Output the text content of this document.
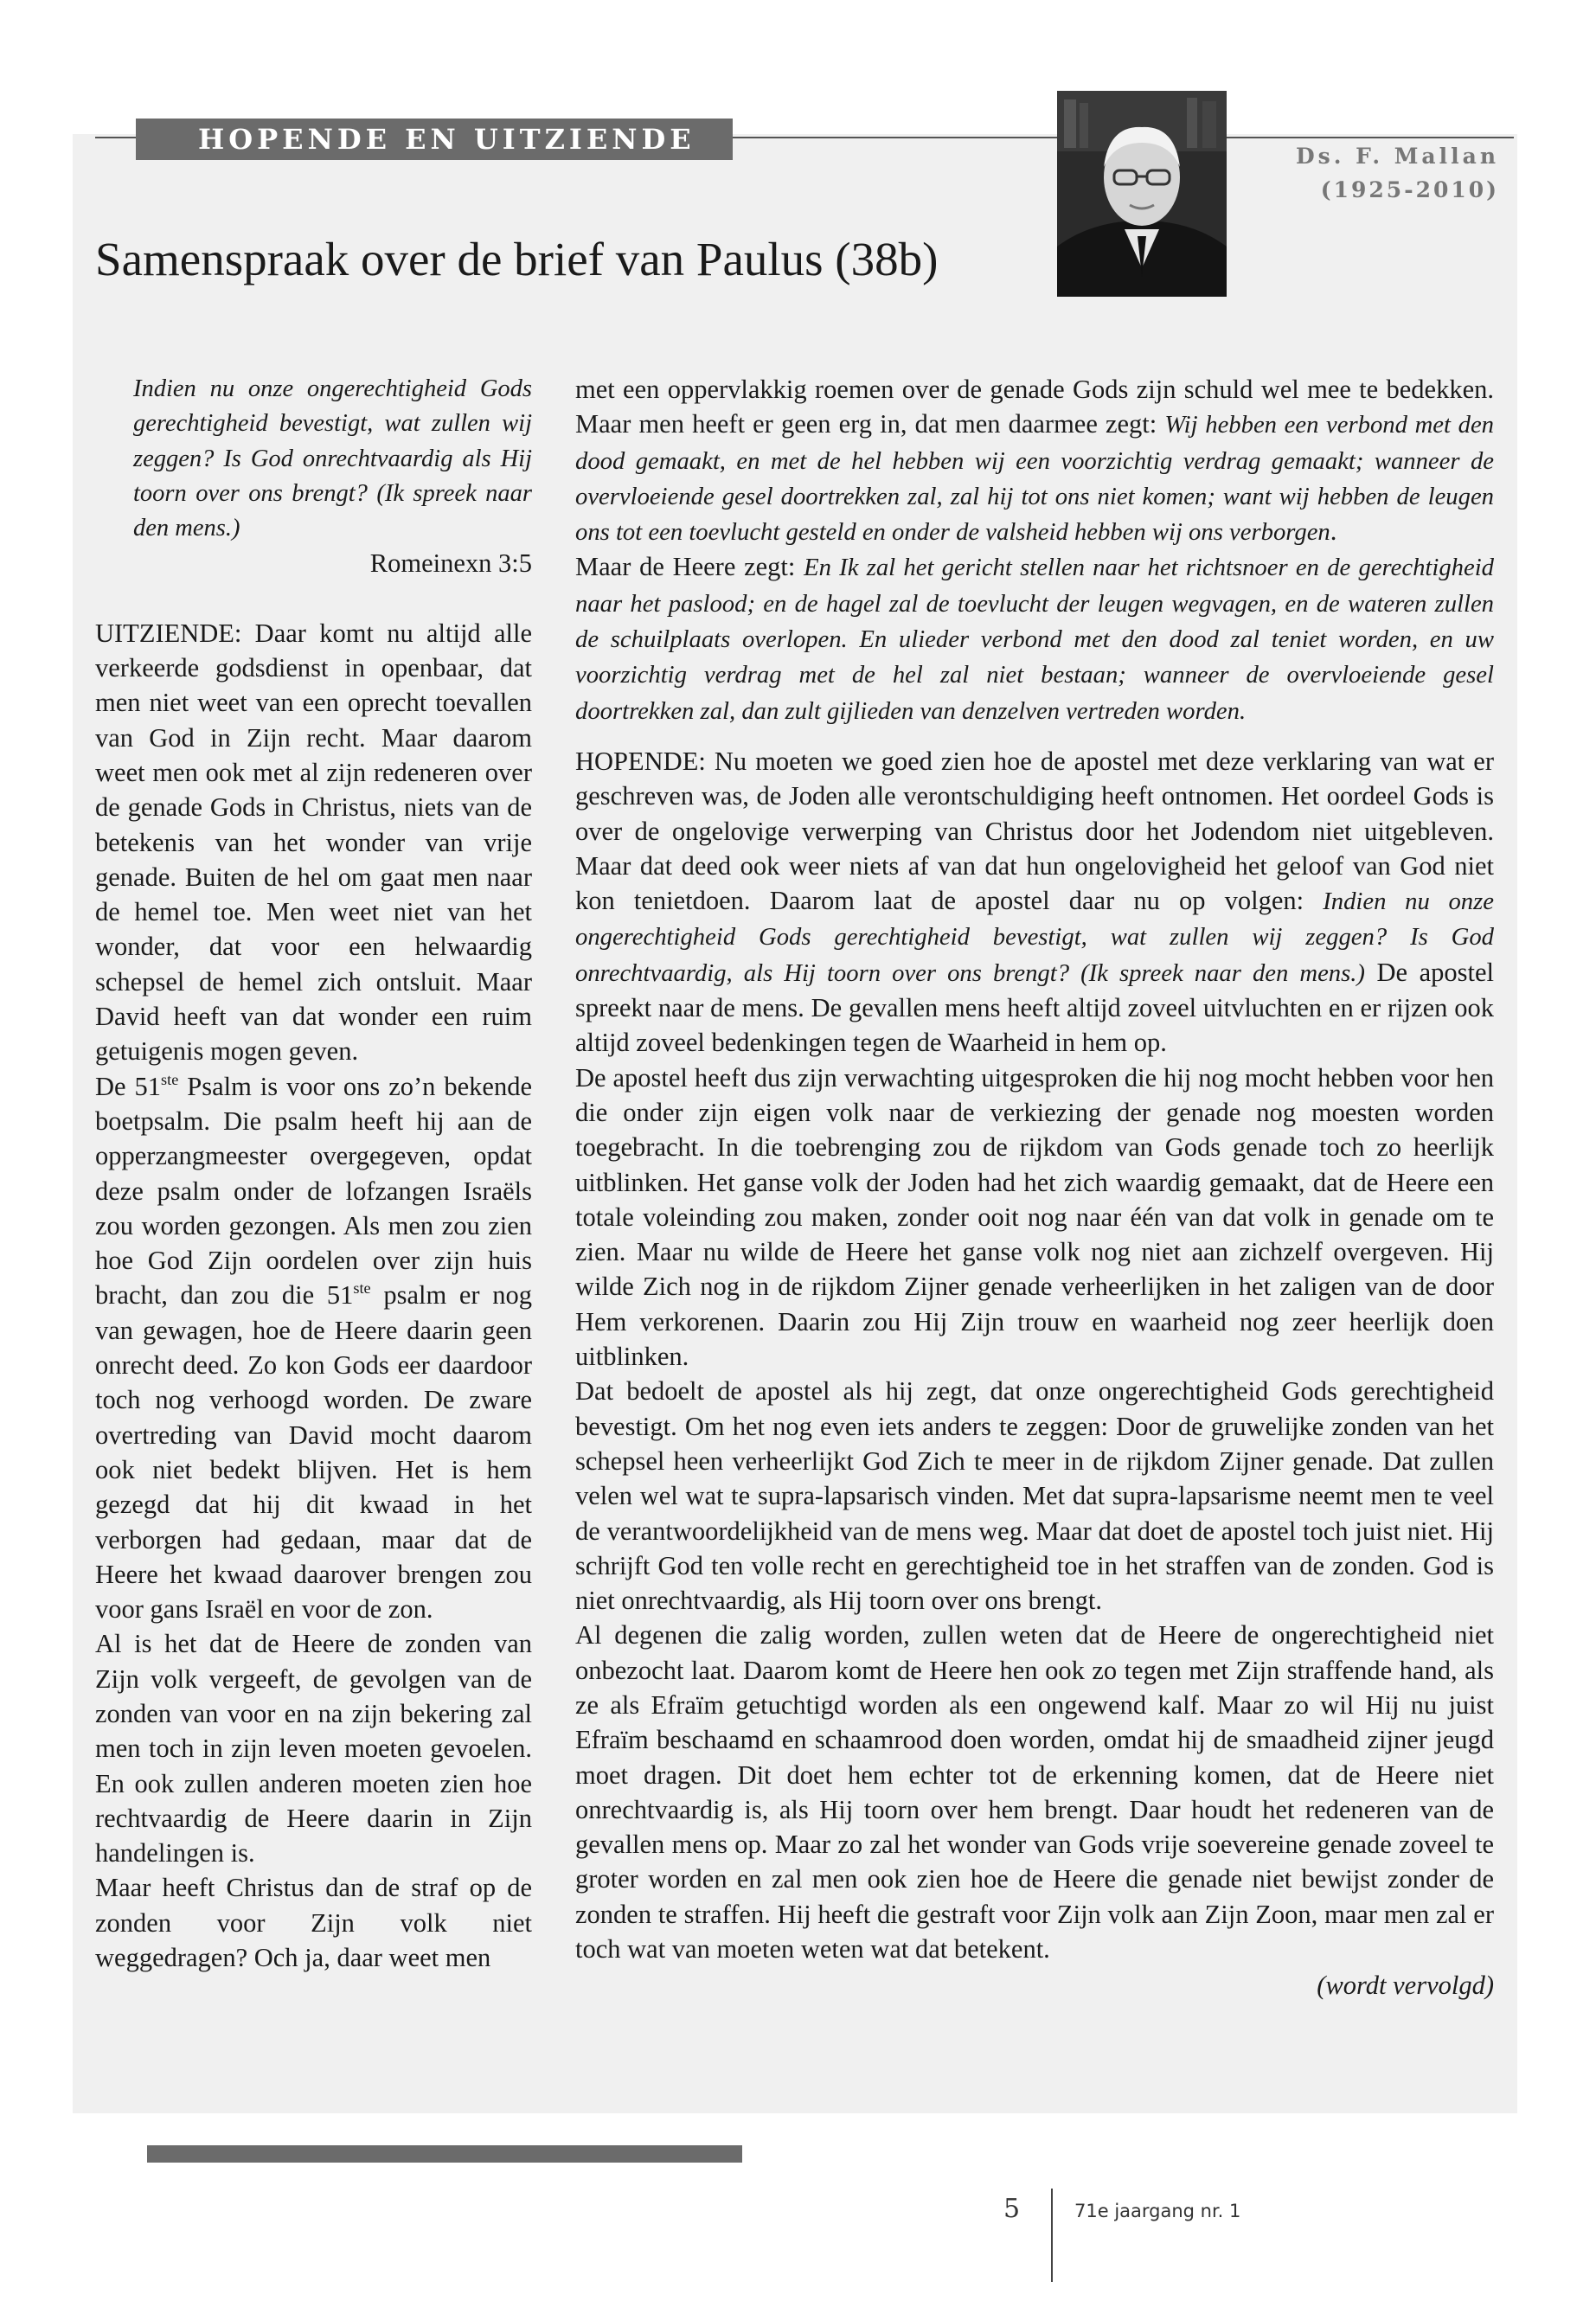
HOPENDE EN UITZIENDE
Ds. F. Mallan
(1925-2010)
Samenspraak over de brief van Paulus (38b)

Indien nu onze ongerechtigheid Gods gerechtigheid bevestigt, wat zullen wij zeggen? Is God onrechtvaardig als Hij toorn over ons brengt? (Ik spreek naar den mens.)

Romeinexn 3:5

UITZIENDE: Daar komt nu altijd alle verkeerde godsdienst in openbaar, dat men niet weet van een oprecht toevallen van God in Zijn recht. Maar daarom weet men ook met al zijn redeneren over de genade Gods in Christus, niets van de betekenis van het wonder van vrije genade. Buiten de hel om gaat men naar de hemel toe. Men weet niet van het wonder, dat voor een helwaardig schepsel de hemel zich ontsluit. Maar David heeft van dat wonder een ruim getuigenis mogen geven.

De 51ste Psalm is voor ons zo’n bekende boetpsalm. Die psalm heeft hij aan de opperzangmeester overgegeven, opdat deze psalm onder de lofzangen Israëls zou worden gezongen. Als men zou zien hoe God Zijn oordelen over zijn huis bracht, dan zou die 51ste psalm er nog van gewagen, hoe de Heere daarin geen onrecht deed. Zo kon Gods eer daardoor toch nog verhoogd worden. De zware overtreding van David mocht daarom ook niet bedekt blijven. Het is hem gezegd dat hij dit kwaad in het verborgen had gedaan, maar dat de Heere het kwaad daarover brengen zou voor gans Israël en voor de zon.

Al is het dat de Heere de zonden van Zijn volk vergeeft, de gevolgen van de zonden van voor en na zijn bekering zal men toch in zijn leven moeten gevoelen. En ook zullen anderen moeten zien hoe rechtvaardig de Heere daarin in Zijn handelingen is.

Maar heeft Christus dan de straf op de zonden voor Zijn volk niet weggedragen? Och ja, daar weet men

met een oppervlakkig roemen over de genade Gods zijn schuld wel mee te bedekken. Maar men heeft er geen erg in, dat men daarmee zegt: Wij hebben een verbond met den dood gemaakt, en met de hel hebben wij een voorzichtig verdrag gemaakt; wanneer de overvloeiende gesel doortrekken zal, zal hij tot ons niet komen; want wij hebben de leugen ons tot een toevlucht gesteld en onder de valsheid hebben wij ons verborgen.

Maar de Heere zegt: En Ik zal het gericht stellen naar het richtsnoer en de gerechtigheid naar het paslood; en de hagel zal de toevlucht der leugen wegvagen, en de wateren zullen de schuilplaats overlopen. En ulieder verbond met den dood zal teniet worden, en uw voorzichtig verdrag met de hel zal niet bestaan; wanneer de overvloeiende gesel doortrekken zal, dan zult gijlieden van denzelven vertreden worden.

HOPENDE: Nu moeten we goed zien hoe de apostel met deze verklaring van wat er geschreven was, de Joden alle verontschuldiging heeft ontnomen. Het oordeel Gods is over de ongelovige verwerping van Christus door het Jodendom niet uitgebleven. Maar dat deed ook weer niets af van dat hun ongelovigheid het geloof van God niet kon tenietdoen. Daarom laat de apostel daar nu op volgen: Indien nu onze ongerechtigheid Gods gerechtigheid bevestigt, wat zullen wij zeggen? Is God onrechtvaardig, als Hij toorn over ons brengt? (Ik spreek naar den mens.) De apostel spreekt naar de mens. De gevallen mens heeft altijd zoveel uitvluchten en er rijzen ook altijd zoveel bedenkingen tegen de Waarheid in hem op.

De apostel heeft dus zijn verwachting uitgesproken die hij nog mocht hebben voor hen die onder zijn eigen volk naar de verkiezing der genade nog moesten worden toegebracht. In die toebrenging zou de rijkdom van Gods genade toch zo heerlijk uitblinken. Het ganse volk der Joden had het zich waardig gemaakt, dat de Heere een totale voleinding zou maken, zonder ooit nog naar één van dat volk in genade om te zien. Maar nu wilde de Heere het ganse volk nog niet aan zichzelf overgeven. Hij wilde Zich nog in de rijkdom Zijner genade verheerlijken in het zaligen van de door Hem verkorenen. Daarin zou Hij Zijn trouw en waarheid nog zeer heerlijk doen uitblinken.

Dat bedoelt de apostel als hij zegt, dat onze ongerechtigheid Gods gerechtigheid bevestigt. Om het nog even iets anders te zeggen: Door de gruwelijke zonden van het schepsel heen verheerlijkt God Zich te meer in de rijkdom Zijner genade. Dat zullen velen wel wat te supra-lapsarisch vinden. Met dat supra-lapsarisme neemt men te veel de verantwoordelijkheid van de mens weg. Maar dat doet de apostel toch juist niet. Hij schrijft God ten volle recht en gerechtigheid toe in het straffen van de zonden. God is niet onrechtvaardig, als Hij toorn over ons brengt.

Al degenen die zalig worden, zullen weten dat de Heere de ongerechtigheid niet onbezocht laat. Daarom komt de Heere hen ook zo tegen met Zijn straffende hand, als ze als Efraïm getuchtigd worden als een ongewend kalf. Maar zo wil Hij nu juist Efraïm beschaamd en schaamrood doen worden, omdat hij de smaadheid zijner jeugd moet dragen. Dit doet hem echter tot de erkenning komen, dat de Heere niet onrechtvaardig is, als Hij toorn over hem brengt. Daar houdt het redeneren van de gevallen mens op. Maar zo zal het wonder van Gods vrije soevereine genade zoveel te groter worden en zal men ook zien hoe de Heere die genade niet bewijst zonder de zonden te straffen. Hij heeft die gestraft voor Zijn volk aan Zijn Zoon, maar men zal er toch wat van moeten weten wat dat betekent.

(wordt vervolgd)

5	71e jaargang nr. 1
